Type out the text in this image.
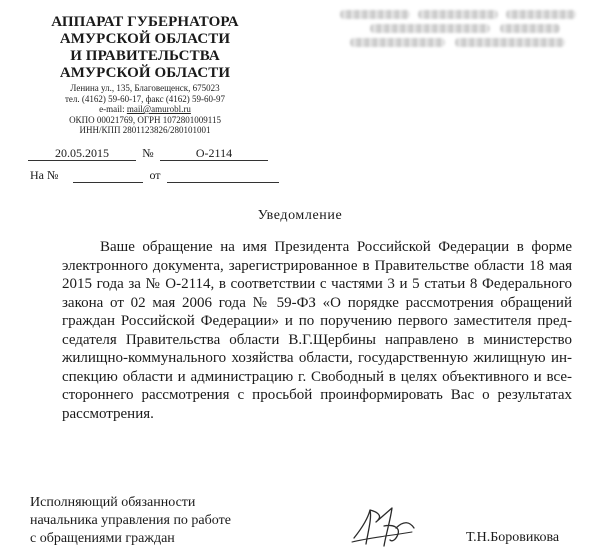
АППАРАТ ГУБЕРНАТОРА
АМУРСКОЙ ОБЛАСТИ
И ПРАВИТЕЛЬСТВА
АМУРСКОЙ ОБЛАСТИ
Ленина ул., 135, Благовещенск, 675023
тел. (4162) 59-60-17, факс (4162) 59-60-97
e-mail: mail@amurobl.ru
ОКПО 00021769, ОГРН 1072801009115
ИНН/КПП 2801123826/280101001
20.05.2015	№	О-2114
На №	от
Уведомление
Ваше обращение на имя Президента Российской Федерации в форме
электронного документа, зарегистрированное в Правительстве области 18 мая
2015 года за № О-2114, в соответствии с частями 3 и 5 статьи 8 Федерального
закона от 02 мая 2006 года № 59-ФЗ «О порядке рассмотрения обращений
граждан Российской Федерации» и по поручению первого заместителя пред-
седателя Правительства области В.Г.Щербины направлено в министерство
жилищно-коммунального хозяйства области, государственную жилищную ин-
спекцию области и администрацию г. Свободный в целях объективного и все-
стороннего рассмотрения с просьбой проинформировать Вас о результатах
рассмотрения.
Исполняющий обязанности
начальника управления по работе
с обращениями граждан	Т.Н.Боровикова
